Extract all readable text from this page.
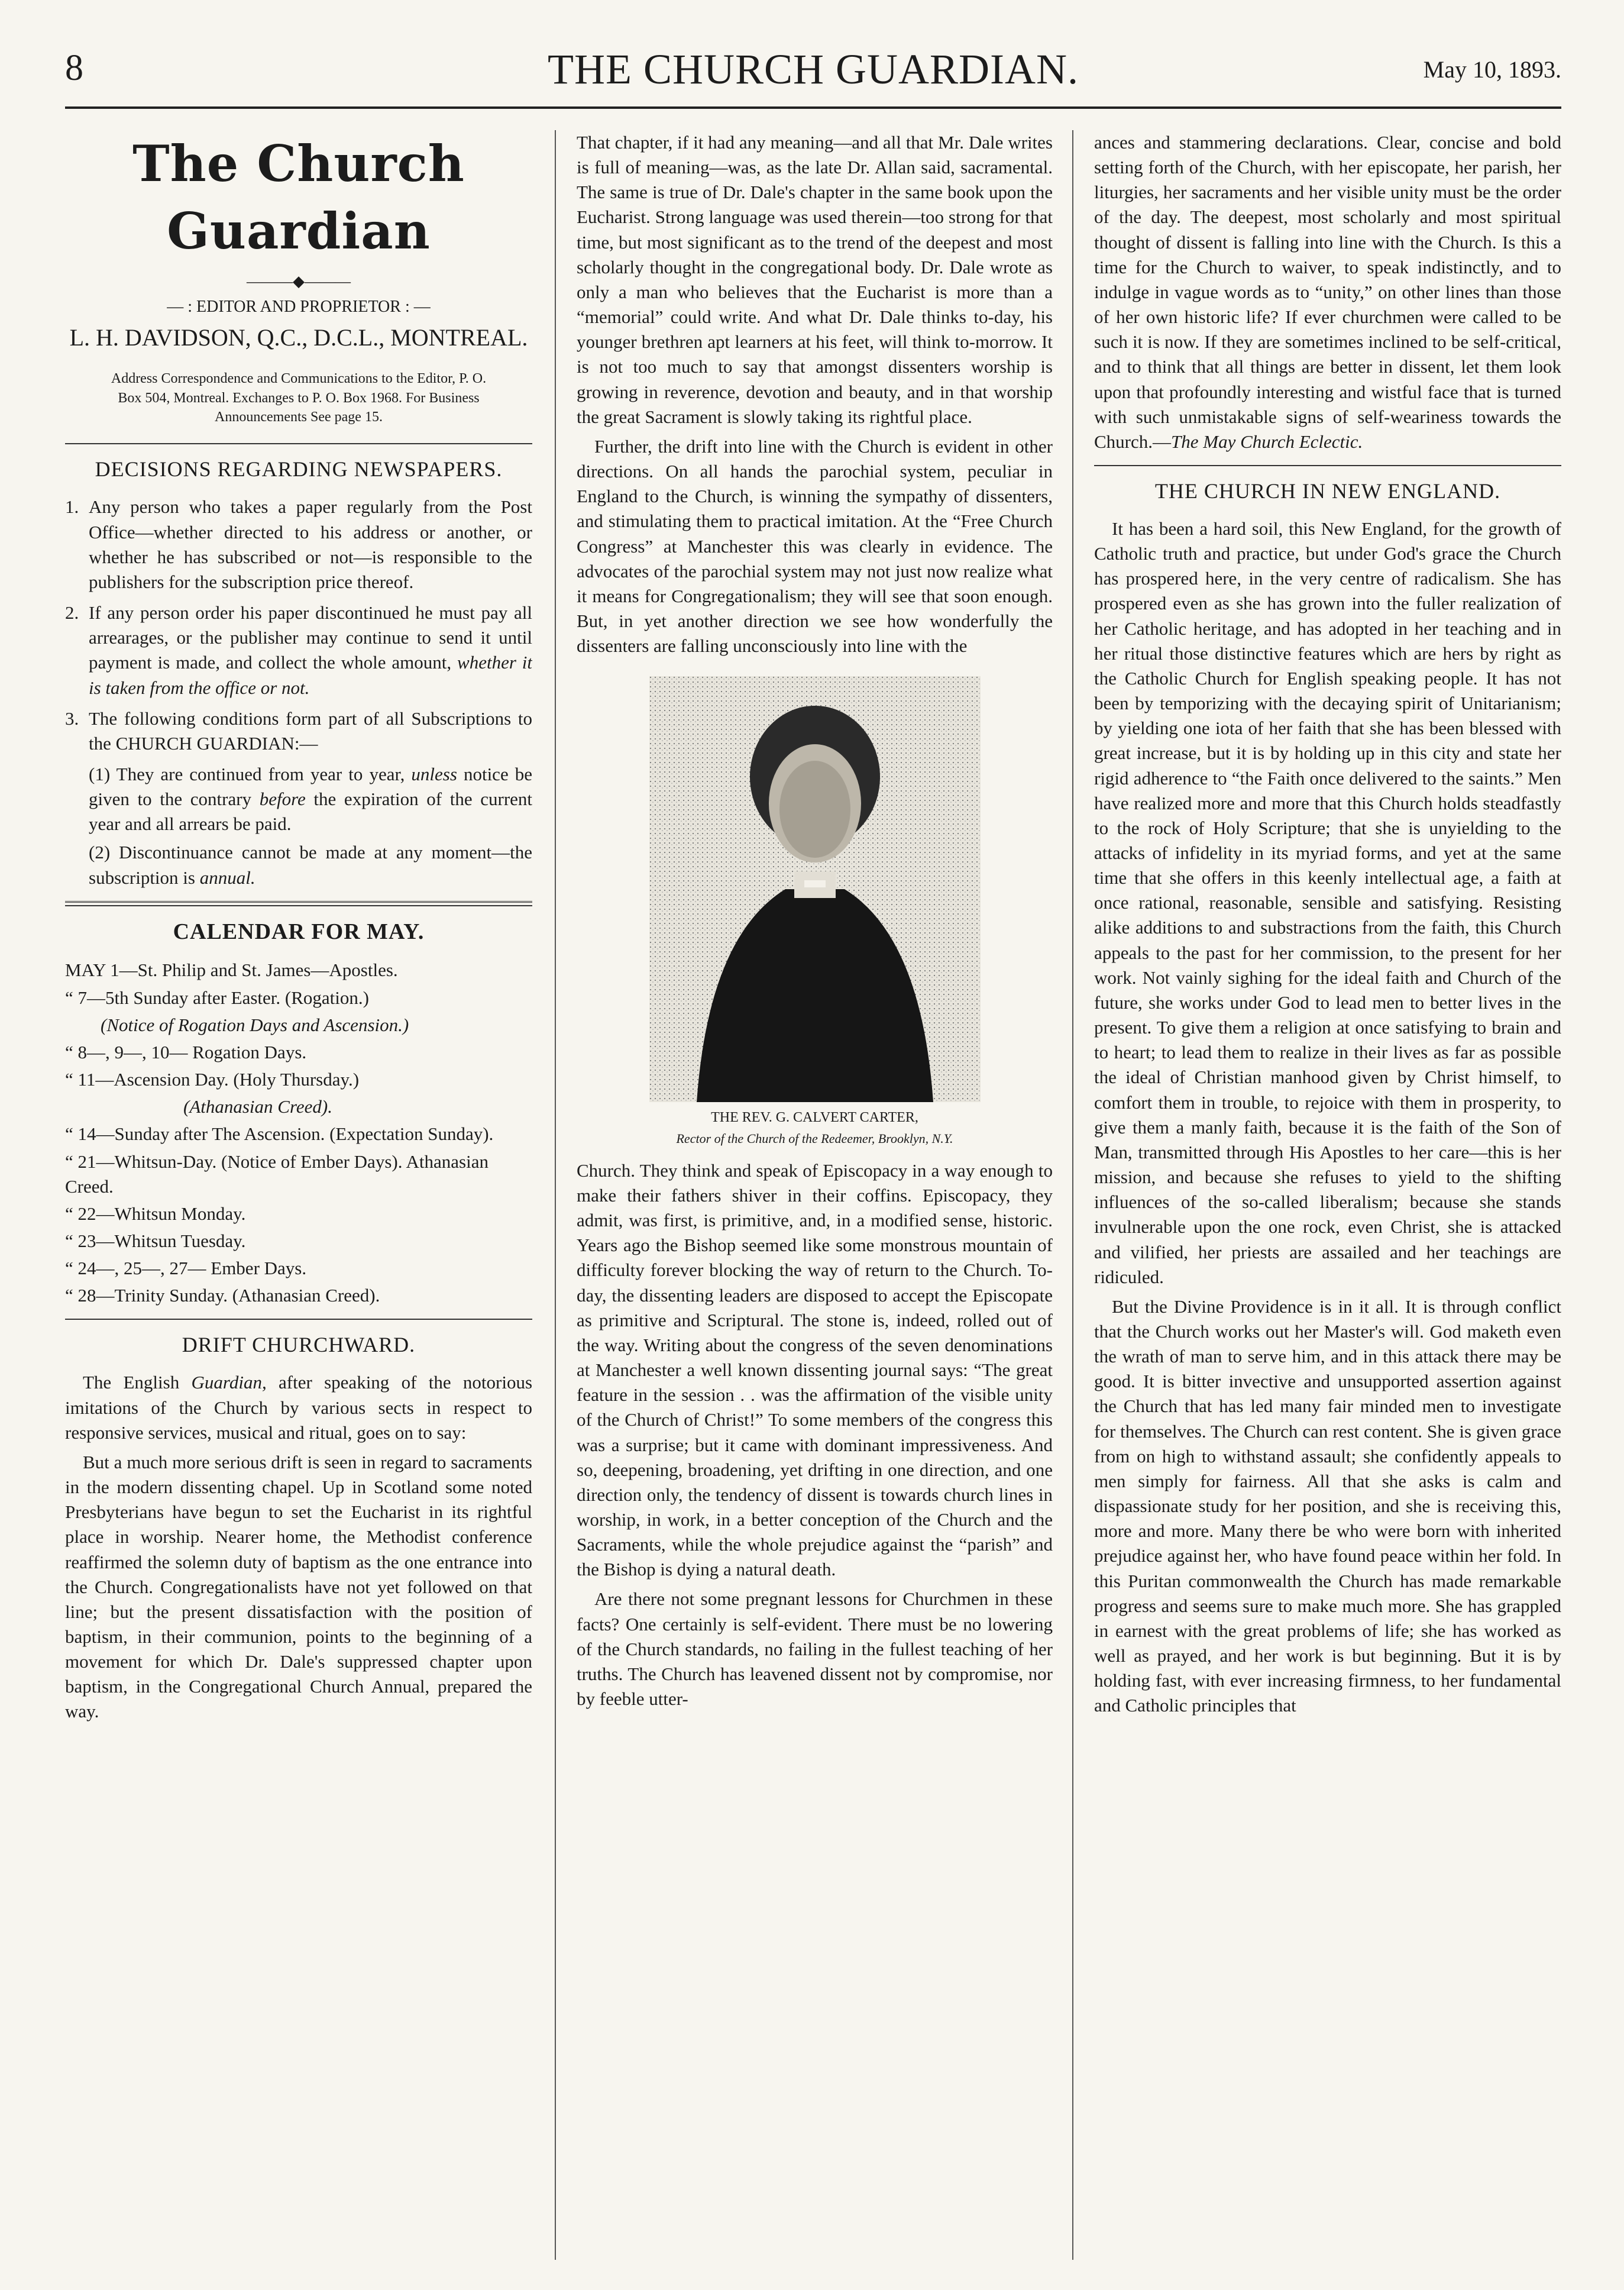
8	THE CHURCH GUARDIAN.	May 10, 1893.
The Church Guardian
———◆———
— : EDITOR AND PROPRIETOR : —
L. H. DAVIDSON, Q.C., D.C.L., MONTREAL.
Address Correspondence and Communications to the Editor, P. O. Box 504, Montreal. Exchanges to P. O. Box 1968. For Business Announcements See page 15.
DECISIONS REGARDING NEWSPAPERS.
1. Any person who takes a paper regularly from the Post Office—whether directed to his address or another, or whether he has subscribed or not—is responsible to the publishers for the subscription price thereof.
2. If any person order his paper discontinued he must pay all arrearages, or the publisher may continue to send it until payment is made, and collect the whole amount, whether it is taken from the office or not.
3. The following conditions form part of all Subscriptions to the CHURCH GUARDIAN:—
(1) They are continued from year to year, unless notice be given to the contrary before the expiration of the current year and all arrears be paid.
(2) Discontinuance cannot be made at any moment—the subscription is annual.
CALENDAR FOR MAY.
MAY 1—St. Philip and St. James—Apostles.
“ 7—5th Sunday after Easter. (Rogation.)
(Notice of Rogation Days and Ascension.)
“ 8—, 9—, 10— Rogation Days.
“ 11—Ascension Day. (Holy Thursday.)
(Athanasian Creed).
“ 14—Sunday after The Ascension. (Expectation Sunday).
“ 21—Whitsun-Day. (Notice of Ember Days). Athanasian Creed.
“ 22—Whitsun Monday.
“ 23—Whitsun Tuesday.
“ 24—, 25—, 27— Ember Days.
“ 28—Trinity Sunday. (Athanasian Creed).
DRIFT CHURCHWARD.

The English Guardian, after speaking of the notorious imitations of the Church by various sects in respect to responsive services, musical and ritual, goes on to say:

But a much more serious drift is seen in regard to sacraments in the modern dissenting chapel. Up in Scotland some noted Presbyterians have begun to set the Eucharist in its rightful place in worship. Nearer home, the Methodist conference reaffirmed the solemn duty of baptism as the one entrance into the Church. Congregationalists have not yet followed on that line; but the present dissatisfaction with the position of baptism, in their communion, points to the beginning of a movement for which Dr. Dale's suppressed chapter upon baptism, in the Congregational Church Annual, prepared the way.

That chapter, if it had any meaning—and all that Mr. Dale writes is full of meaning—was, as the late Dr. Allan said, sacramental. The same is true of Dr. Dale's chapter in the same book upon the Eucharist. Strong language was used therein—too strong for that time, but most significant as to the trend of the deepest and most scholarly thought in the congregational body. Dr. Dale wrote as only a man who believes that the Eucharist is more than a “memorial” could write. And what Dr. Dale thinks to-day, his younger brethren apt learners at his feet, will think to-morrow. It is not too much to say that amongst dissenters worship is growing in reverence, devotion and beauty, and in that worship the great Sacrament is slowly taking its rightful place.

Further, the drift into line with the Church is evident in other directions. On all hands the parochial system, peculiar in England to the Church, is winning the sympathy of dissenters, and stimulating them to practical imitation. At the “Free Church Congress” at Manchester this was clearly in evidence. The advocates of the parochial system may not just now realize what it means for Congregationalism; they will see that soon enough. But, in yet another direction we see how wonderfully the dissenters are falling unconsciously into line with the

THE REV. G. CALVERT CARTER,
Rector of the Church of the Redeemer, Brooklyn, N.Y.

Church. They think and speak of Episcopacy in a way enough to make their fathers shiver in their coffins. Episcopacy, they admit, was first, is primitive, and, in a modified sense, historic. Years ago the Bishop seemed like some monstrous mountain of difficulty forever blocking the way of return to the Church. To-day, the dissenting leaders are disposed to accept the Episcopate as primitive and Scriptural. The stone is, indeed, rolled out of the way. Writing about the congress of the seven denominations at Manchester a well known dissenting journal says: “The great feature in the session . . was the affirmation of the visible unity of the Church of Christ!” To some members of the congress this was a surprise; but it came with dominant impressiveness. And so, deepening, broadening, yet drifting in one direction, and one direction only, the tendency of dissent is towards church lines in worship, in work, in a better conception of the Church and the Sacraments, while the whole prejudice against the “parish” and the Bishop is dying a natural death.

Are there not some pregnant lessons for Churchmen in these facts? One certainly is self-evident. There must be no lowering of the Church standards, no failing in the fullest teaching of her truths. The Church has leavened dissent not by compromise, nor by feeble utter-

ances and stammering declarations. Clear, concise and bold setting forth of the Church, with her episcopate, her parish, her liturgies, her sacraments and her visible unity must be the order of the day. The deepest, most scholarly and most spiritual thought of dissent is falling into line with the Church. Is this a time for the Church to waiver, to speak indistinctly, and to indulge in vague words as to “unity,” on other lines than those of her own historic life? If ever churchmen were called to be such it is now. If they are sometimes inclined to be self-critical, and to think that all things are better in dissent, let them look upon that profoundly interesting and wistful face that is turned with such unmistakable signs of self-weariness towards the Church.—The May Church Eclectic.

THE CHURCH IN NEW ENGLAND.

It has been a hard soil, this New England, for the growth of Catholic truth and practice, but under God's grace the Church has prospered here, in the very centre of radicalism. She has prospered even as she has grown into the fuller realization of her Catholic heritage, and has adopted in her teaching and in her ritual those distinctive features which are hers by right as the Catholic Church for English speaking people. It has not been by temporizing with the decaying spirit of Unitarianism; by yielding one iota of her faith that she has been blessed with great increase, but it is by holding up in this city and state her rigid adherence to “the Faith once delivered to the saints.” Men have realized more and more that this Church holds steadfastly to the rock of Holy Scripture; that she is unyielding to the attacks of infidelity in its myriad forms, and yet at the same time that she offers in this keenly intellectual age, a faith at once rational, reasonable, sensible and satisfying. Resisting alike additions to and substractions from the faith, this Church appeals to the past for her commission, to the present for her work. Not vainly sighing for the ideal faith and Church of the future, she works under God to lead men to better lives in the present. To give them a religion at once satisfying to brain and to heart; to lead them to realize in their lives as far as possible the ideal of Christian manhood given by Christ himself, to comfort them in trouble, to rejoice with them in prosperity, to give them a manly faith, because it is the faith of the Son of Man, transmitted through His Apostles to her care—this is her mission, and because she refuses to yield to the shifting influences of the so-called liberalism; because she stands invulnerable upon the one rock, even Christ, she is attacked and vilified, her priests are assailed and her teachings are ridiculed.

But the Divine Providence is in it all. It is through conflict that the Church works out her Master's will. God maketh even the wrath of man to serve him, and in this attack there may be good. It is bitter invective and unsupported assertion against the Church that has led many fair minded men to investigate for themselves. The Church can rest content. She is given grace from on high to withstand assault; she confidently appeals to men simply for fairness. All that she asks is calm and dispassionate study for her position, and she is receiving this, more and more. Many there be who were born with inherited prejudice against her, who have found peace within her fold. In this Puritan commonwealth the Church has made remarkable progress and seems sure to make much more. She has grappled in earnest with the great problems of life; she has worked as well as prayed, and her work is but beginning. But it is by holding fast, with ever increasing firmness, to her fundamental and Catholic principles that
